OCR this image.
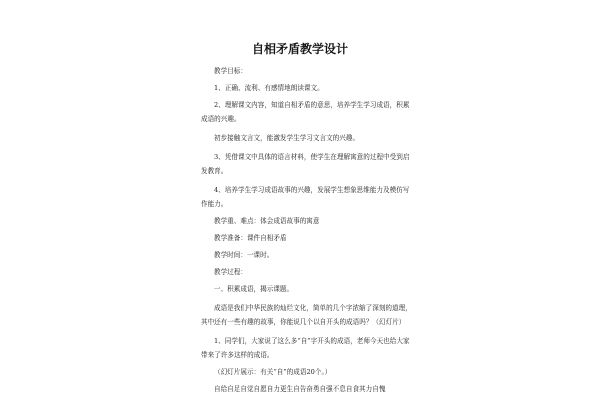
自相矛盾教学设计

教学目标：

1、正确、流利、有感情地朗读课文。

2、理解课文内容，知道自相矛盾的意思，培养学生学习成语，积累成语的兴趣。

初步接触文言文，能激发学生学习文言文的兴趣。

3、凭借课文中具体的语言材料，使学生在理解寓意的过程中受到启发教育。

4、培养学生学习成语故事的兴趣，发展学生想象思维能力及模仿写作能力。

教学重、难点：体会成语故事的寓意

教学准备：课件自相矛盾

教学时间：一课时。

教学过程：

一、积累成语，揭示课题。

成语是我们中华民族的灿烂文化，简单的几个字浓缩了深刻的道理，其中还有一些有趣的故事，你能说几个以自开头的成语吗？（幻灯片）

1、同学们，大家说了这么多“自”字开头的成语，老师今天也给大家带来了许多这样的成语。

（幻灯片展示：有关“自”的成语20个。）

自给自足自觉自愿自力更生自告奋勇自强不息自食其力自愧
